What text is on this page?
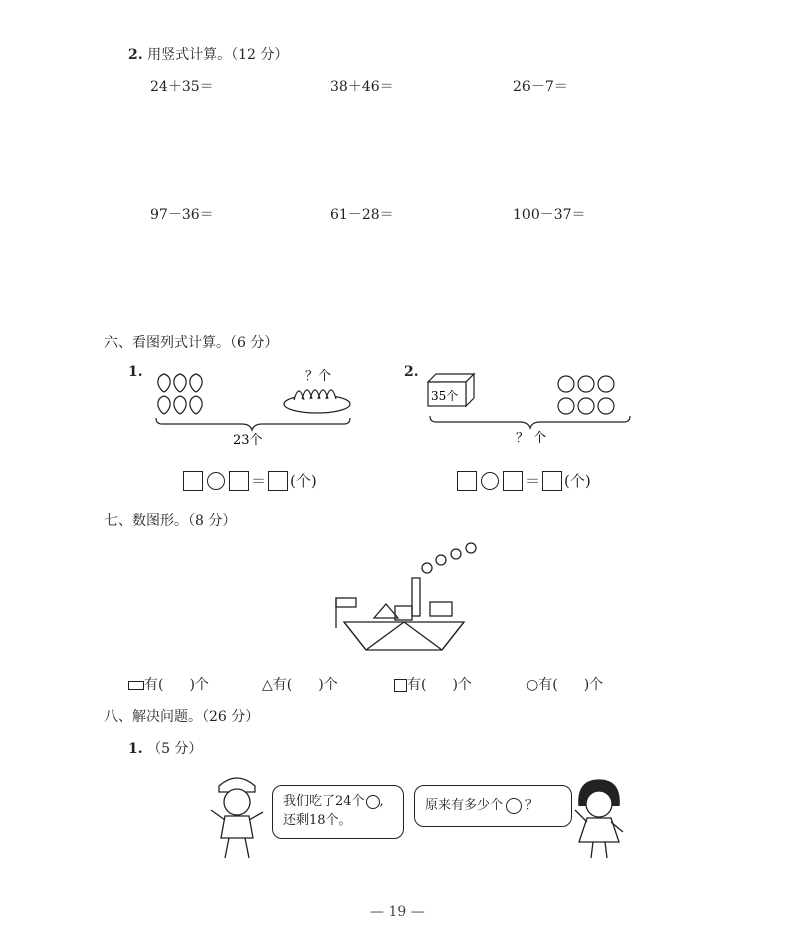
2. 用竖式计算。（12 分）
24＋35＝	38＋46＝	26－7＝
97－36＝	61－28＝	100－37＝
六、看图列式计算。（6 分）
1.	？个
23个
2.
35个
？ 个
＝ (个)	＝ (个)
七、数图形。（8 分）
有( )个	△有( )个	有( )个	○有( )个
八、解决问题。（26 分）
1. （5 分）
我们吃了24个 ,
还剩18个。
原来有多少个 ？
— 19 —
